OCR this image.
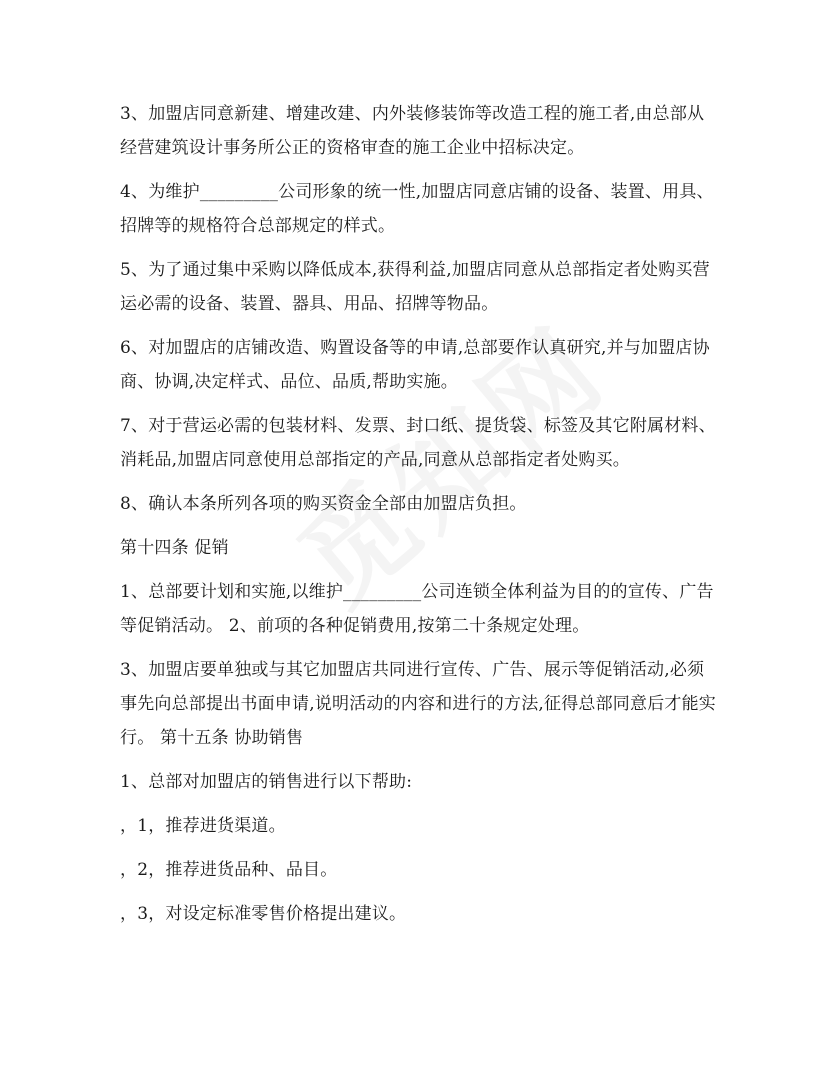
3、加盟店同意新建、增建改建、内外装修装饰等改造工程的施工者,由总部从经营建筑设计事务所公正的资格审查的施工企业中招标决定。

4、为维护_________公司形象的统一性,加盟店同意店铺的设备、装置、用具、招牌等的规格符合总部规定的样式。

5、为了通过集中采购以降低成本,获得利益,加盟店同意从总部指定者处购买营运必需的设备、装置、器具、用品、招牌等物品。

6、对加盟店的店铺改造、购置设备等的申请,总部要作认真研究,并与加盟店协商、协调,决定样式、品位、品质,帮助实施。

7、对于营运必需的包装材料、发票、封口纸、提货袋、标签及其它附属材料、消耗品,加盟店同意使用总部指定的产品,同意从总部指定者处购买。

8、确认本条所列各项的购买资金全部由加盟店负担。

第十四条 促销

1、总部要计划和实施,以维护_________公司连锁全体利益为目的的宣传、广告等促销活动。 2、前项的各种促销费用,按第二十条规定处理。

3、加盟店要单独或与其它加盟店共同进行宣传、广告、展示等促销活动,必须事先向总部提出书面申请,说明活动的内容和进行的方法,征得总部同意后才能实行。 第十五条 协助销售

1、总部对加盟店的销售进行以下帮助:

，1，推荐进货渠道。

，2，推荐进货品种、品目。

，3，对设定标准零售价格提出建议。
